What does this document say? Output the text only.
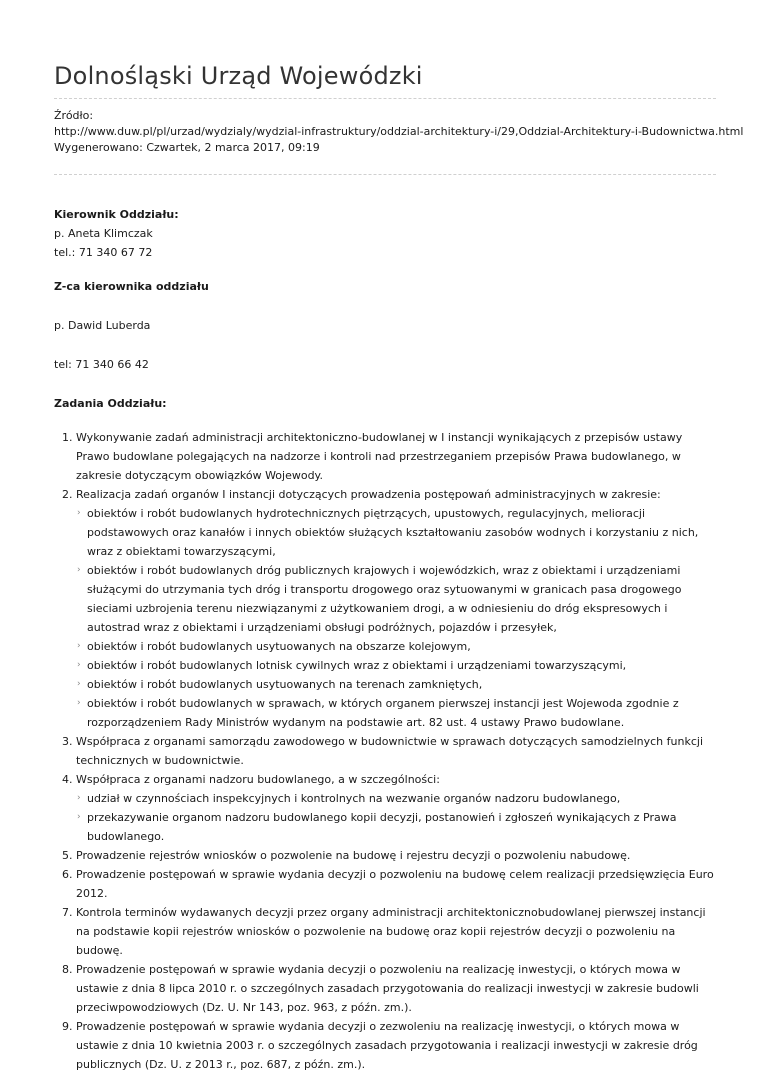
Dolnośląski Urząd Wojewódzki
Źródło:
http://www.duw.pl/pl/urzad/wydzialy/wydzial-infrastruktury/oddzial-architektury-i/29,Oddzial-Architektury-i-Budownictwa.html
Wygenerowano: Czwartek, 2 marca 2017, 09:19

Kierownik Oddziału:

p. Aneta Klimczak

tel.: 71 340 67 72

Z-ca kierownika oddziału

p. Dawid Luberda

tel: 71 340 66 42

Zadania Oddziału:

1. Wykonywanie zadań administracji architektoniczno-budowlanej w I instancji wynikających z przepisów ustawy Prawo budowlane polegających na nadzorze i kontroli nad przestrzeganiem przepisów Prawa budowlanego, w zakresie dotyczącym obowiązków Wojewody.
2. Realizacja zadań organów I instancji dotyczących prowadzenia postępowań administracyjnych w zakresie:
› obiektów i robót budowlanych hydrotechnicznych piętrzących, upustowych, regulacyjnych, melioracji podstawowych oraz kanałów i innych obiektów służących kształtowaniu zasobów wodnych i korzystaniu z nich, wraz z obiektami towarzyszącymi,
› obiektów i robót budowlanych dróg publicznych krajowych i wojewódzkich, wraz z obiektami i urządzeniami służącymi do utrzymania tych dróg i transportu drogowego oraz sytuowanymi w granicach pasa drogowego sieciami uzbrojenia terenu niezwiązanymi z użytkowaniem drogi, a w odniesieniu do dróg ekspresowych i autostrad wraz z obiektami i urządzeniami obsługi podróżnych, pojazdów i przesyłek,
› obiektów i robót budowlanych usytuowanych na obszarze kolejowym,
› obiektów i robót budowlanych lotnisk cywilnych wraz z obiektami i urządzeniami towarzyszącymi,
› obiektów i robót budowlanych usytuowanych na terenach zamkniętych,
› obiektów i robót budowlanych w sprawach, w których organem pierwszej instancji jest Wojewoda zgodnie z rozporządzeniem Rady Ministrów wydanym na podstawie art. 82 ust. 4 ustawy Prawo budowlane.
3. Współpraca z organami samorządu zawodowego w budownictwie w sprawach dotyczących samodzielnych funkcji technicznych w budownictwie.
4. Współpraca z organami nadzoru budowlanego, a w szczególności:
› udział w czynnościach inspekcyjnych i kontrolnych na wezwanie organów nadzoru budowlanego,
› przekazywanie organom nadzoru budowlanego kopii decyzji, postanowień i zgłoszeń wynikających z Prawa budowlanego.
5. Prowadzenie rejestrów wniosków o pozwolenie na budowę i rejestru decyzji o pozwoleniu nabudowę.
6. Prowadzenie postępowań w sprawie wydania decyzji o pozwoleniu na budowę celem realizacji przedsięwzięcia Euro 2012.
7. Kontrola terminów wydawanych decyzji przez organy administracji architektonicznobudowlanej pierwszej instancji na podstawie kopii rejestrów wniosków o pozwolenie na budowę oraz kopii rejestrów decyzji o pozwoleniu na budowę.
8. Prowadzenie postępowań w sprawie wydania decyzji o pozwoleniu na realizację inwestycji, o których mowa w ustawie z dnia 8 lipca 2010 r. o szczególnych zasadach przygotowania do realizacji inwestycji w zakresie budowli przeciwpowodziowych (Dz. U. Nr 143, poz. 963, z późn. zm.).
9. Prowadzenie postępowań w sprawie wydania decyzji o zezwoleniu na realizację inwestycji, o których mowa w ustawie z dnia 10 kwietnia 2003 r. o szczególnych zasadach przygotowania i realizacji inwestycji w zakresie dróg publicznych (Dz. U. z 2013 r., poz. 687, z późn. zm.).
